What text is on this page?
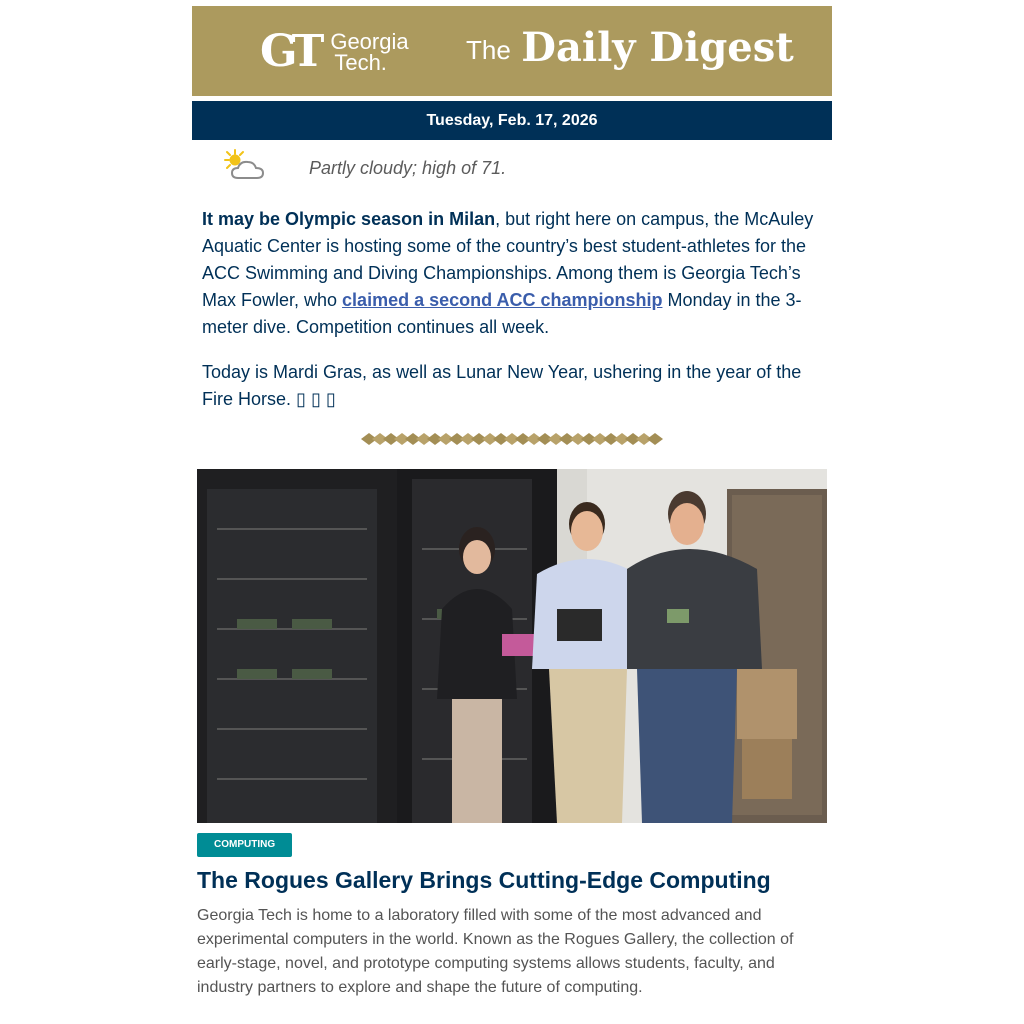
GT Georgia
Tech.	The Daily Digest
Tuesday, Feb. 17, 2026
Partly cloudy; high of 71.

It may be Olympic season in Milan, but right here on campus, the McAuley Aquatic Center is hosting some of the country’s best student-athletes for the ACC Swimming and Diving Championships. Among them is Georgia Tech’s Max Fowler, who claimed a second ACC championship Monday in the 3-meter dive. Competition continues all week.

Today is Mardi Gras, as well as Lunar New Year, ushering in the year of the Fire Horse. ▯ ▯ ▯

COMPUTING
The Rogues Gallery Brings Cutting-Edge Computing
Georgia Tech is home to a laboratory filled with some of the most advanced and experimental computers in the world. Known as the Rogues Gallery, the collection of early-stage, novel, and prototype computing systems allows students, faculty, and industry partners to explore and shape the future of computing.
